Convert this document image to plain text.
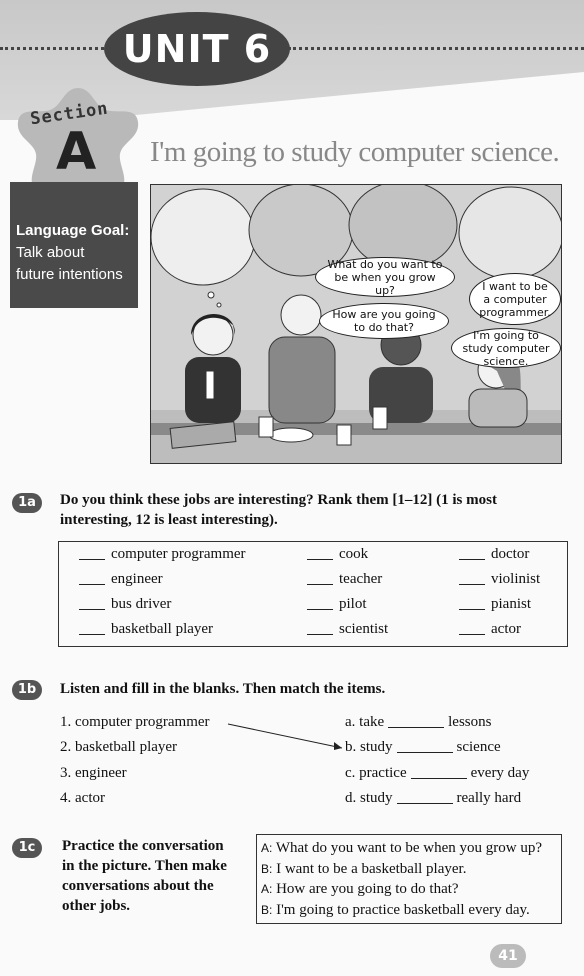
UNIT 6
Section
A I'm going to study computer science.
Language Goal:
Talk about
future intentions
What do you want to be when you grow up?	I want to be a computer programmer.
How are you going to do that?
I'm going to study computer science.
1a	Do you think these jobs are interesting? Rank them [1–12] (1 is most interesting, 12 is least interesting).
computer programmer	cook	doctor
engineer	teacher	violinist
bus driver	pilot	pianist
basketball player	scientist	actor
1b	Listen and fill in the blanks. Then match the items.
1. computer programmer
2. basketball player
3. engineer
4. actor
a. take	lessons
b. study	science
c. practice	every day
d. study	really hard
1c	Practice the conversation
in the picture. Then make
conversations about the
other jobs.
A: What do you want to be when you grow up?
B: I want to be a basketball player.
A: How are you going to do that?
B: I'm going to practice basketball every day.
41
